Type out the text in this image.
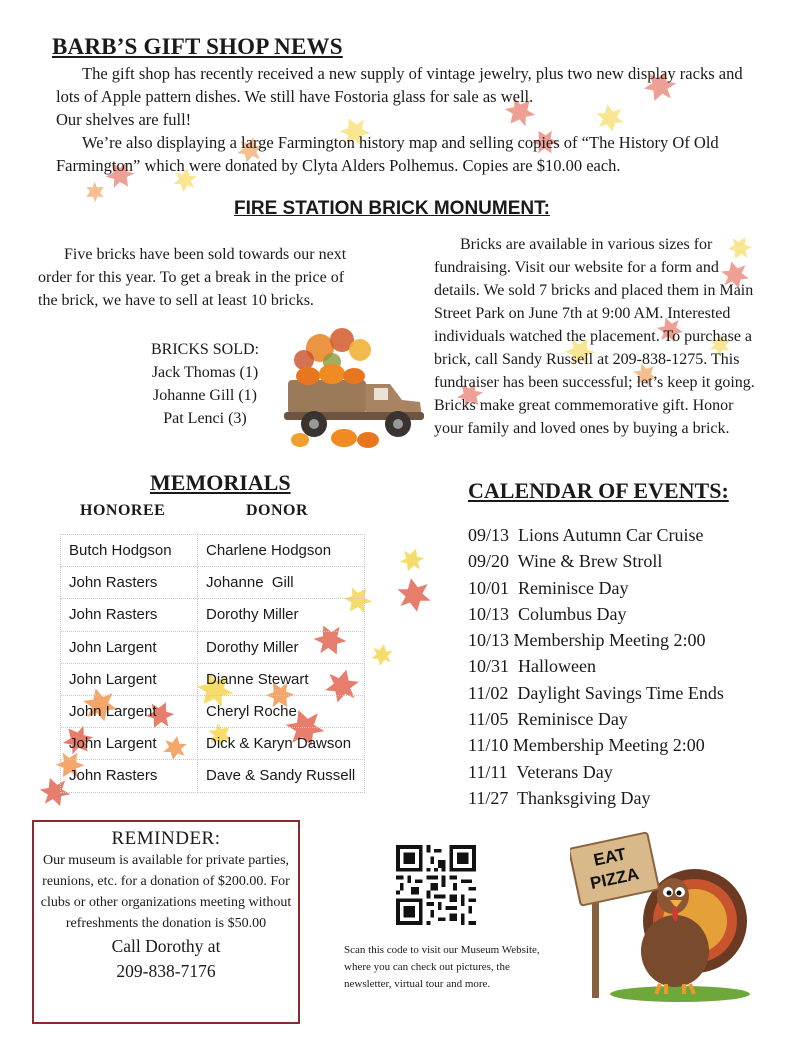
BARB’S GIFT SHOP NEWS

The gift shop has recently received a new supply of vintage jewelry, plus two new display racks and lots of Apple pattern dishes. We still have Fostoria glass for sale as well.

Our shelves are full!

We’re also displaying a large Farmington history map and selling copies of “The History Of Old Farmington” which were donated by Clyta Alders Polhemus. Copies are $10.00 each.

FIRE STATION BRICK MONUMENT:

Five bricks have been sold towards our next order for this year. To get a break in the price of the brick, we have to sell at least 10 bricks.

BRICKS SOLD:
Jack Thomas (1)
Johanne Gill (1)
Pat Lenci (3)

Bricks are available in various sizes for fundraising. Visit our website for a form and details. We sold 7 bricks and placed them in Main Street Park on June 7th at 9:00 AM. Interested individuals watched the placement. To purchase a brick, call Sandy Russell at 209-838-1275. This fundraiser has been successful; let’s keep it going. Bricks make great commemorative gift. Honor your family and loved ones by buying a brick.

MEMORIALS
HONOREE	DONOR
Butch Hodgson	Charlene Hodgson
John Rasters	Johanne  Gill
John Rasters	Dorothy Miller
John Largent	Dorothy Miller
John Largent	Dianne Stewart
John Largent	Cheryl Roche
John Largent	Dick & Karyn Dawson
John Rasters	Dave & Sandy Russell
CALENDAR OF EVENTS:
09/13  Lions Autumn Car Cruise
09/20  Wine & Brew Stroll
10/01  Reminisce Day
10/13  Columbus Day
10/13 Membership Meeting 2:00
10/31  Halloween
11/02  Daylight Savings Time Ends
11/05  Reminisce Day
11/10 Membership Meeting 2:00
11/11  Veterans Day
11/27  Thanksgiving Day
REMINDER:
Our museum is available for private parties, reunions, etc. for a donation of $200.00. For clubs or other organizations meeting without refreshments the donation is $50.00
Call Dorothy at
209-838-7176
Scan this code to visit our Museum Website, where you can check out pictures, the newsletter, virtual tour and more.
EAT
PIZZA
